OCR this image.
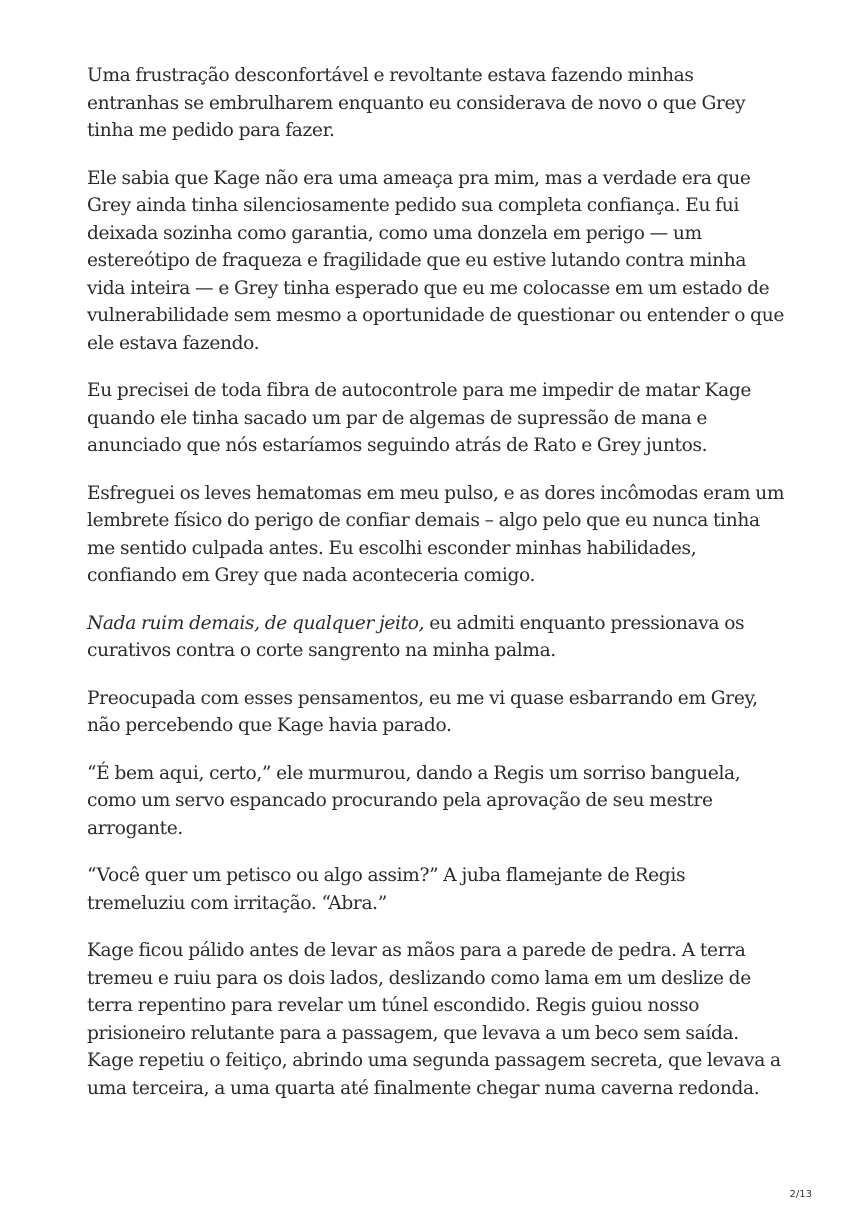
Uma frustração desconfortável e revoltante estava fazendo minhas entranhas se embrulharem enquanto eu considerava de novo o que Grey tinha me pedido para fazer.

Ele sabia que Kage não era uma ameaça pra mim, mas a verdade era que Grey ainda tinha silenciosamente pedido sua completa confiança. Eu fui deixada sozinha como garantia, como uma donzela em perigo — um estereótipo de fraqueza e fragilidade que eu estive lutando contra minha vida inteira — e Grey tinha esperado que eu me colocasse em um estado de vulnerabilidade sem mesmo a oportunidade de questionar ou entender o que ele estava fazendo.

Eu precisei de toda fibra de autocontrole para me impedir de matar Kage quando ele tinha sacado um par de algemas de supressão de mana e anunciado que nós estaríamos seguindo atrás de Rato e Grey juntos.

Esfreguei os leves hematomas em meu pulso, e as dores incômodas eram um lembrete físico do perigo de confiar demais – algo pelo que eu nunca tinha me sentido culpada antes. Eu escolhi esconder minhas habilidades, confiando em Grey que nada aconteceria comigo.

Nada ruim demais, de qualquer jeito, eu admiti enquanto pressionava os curativos contra o corte sangrento na minha palma.

Preocupada com esses pensamentos, eu me vi quase esbarrando em Grey, não percebendo que Kage havia parado.

“É bem aqui, certo,” ele murmurou, dando a Regis um sorriso banguela, como um servo espancado procurando pela aprovação de seu mestre arrogante.

“Você quer um petisco ou algo assim?” A juba flamejante de Regis tremeluziu com irritação. “Abra.”

Kage ficou pálido antes de levar as mãos para a parede de pedra. A terra tremeu e ruiu para os dois lados, deslizando como lama em um deslize de terra repentino para revelar um túnel escondido. Regis guiou nosso prisioneiro relutante para a passagem, que levava a um beco sem saída. Kage repetiu o feitiço, abrindo uma segunda passagem secreta, que levava a uma terceira, a uma quarta até finalmente chegar numa caverna redonda.

2/13
